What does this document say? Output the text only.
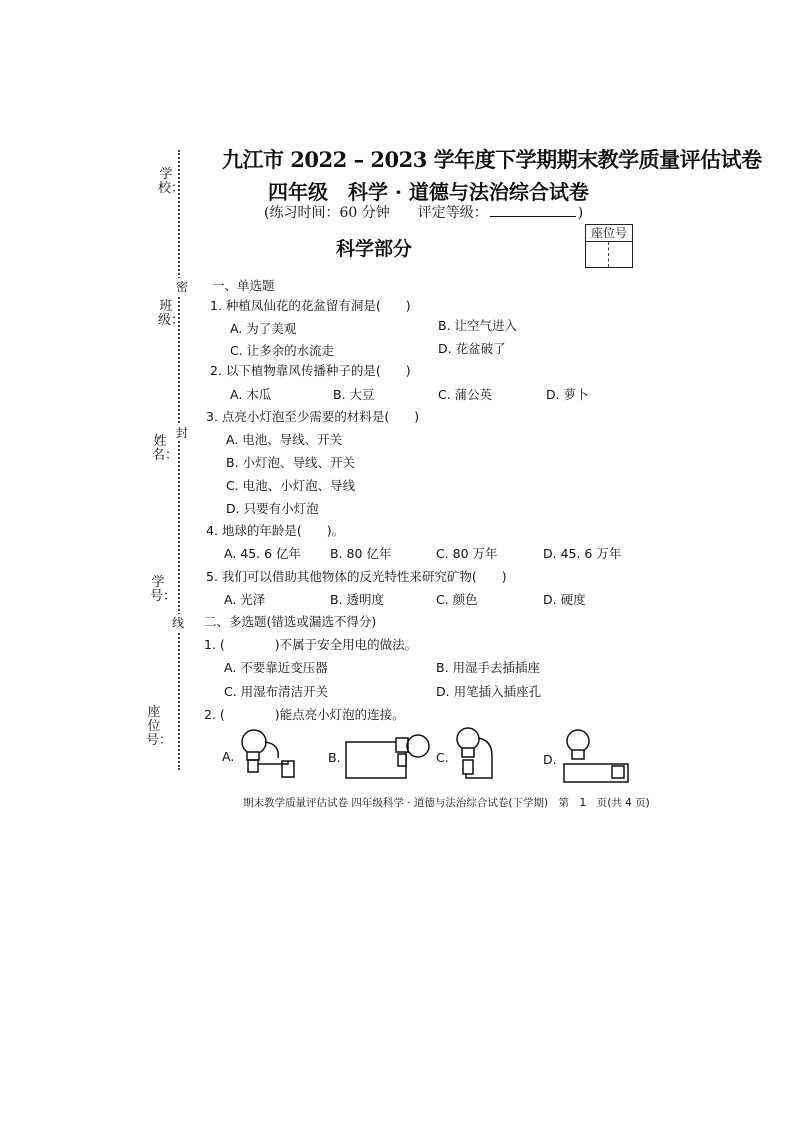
学校：
班级：
姓名：
学号：
座位号：
密
封
线
九江市 2022 – 2023 学年度下学期期末教学质量评估试卷
四年级　科学 · 道德与法治综合试卷
(练习时间：60 分钟　　评定等级：	)
座位号
科学部分
一、单选题
1. 种植凤仙花的花盆留有洞是(　　)
A. 为了美观	B. 让空气进入
C. 让多余的水流走	D. 花盆破了
2. 以下植物靠风传播种子的是(　　)
A. 木瓜	B. 大豆	C. 蒲公英	D. 萝卜
3. 点亮小灯泡至少需要的材料是(　　)
A. 电池、导线、开关
B. 小灯泡、导线、开关
C. 电池、小灯泡、导线
D. 只要有小灯泡
4. 地球的年龄是(　　)。
A. 45. 6 亿年 B. 80 亿年	C. 80 万年	D. 45. 6 万年
5. 我们可以借助其他物体的反光特性来研究矿物(　　)
A. 光泽	B. 透明度	C. 颜色	D. 硬度
二、多选题(错选或漏选不得分)
1. (　　　　)不属于安全用电的做法。
A. 不要靠近变压器	B. 用湿手去插插座
C. 用湿布清洁开关	D. 用笔插入插座孔
2. (　　　　)能点亮小灯泡的连接。
A.	B.	C.	D.
期末教学质量评估试卷 四年级科学 · 道德与法治综合试卷(下学期)　第　1　页(共 4 页)
